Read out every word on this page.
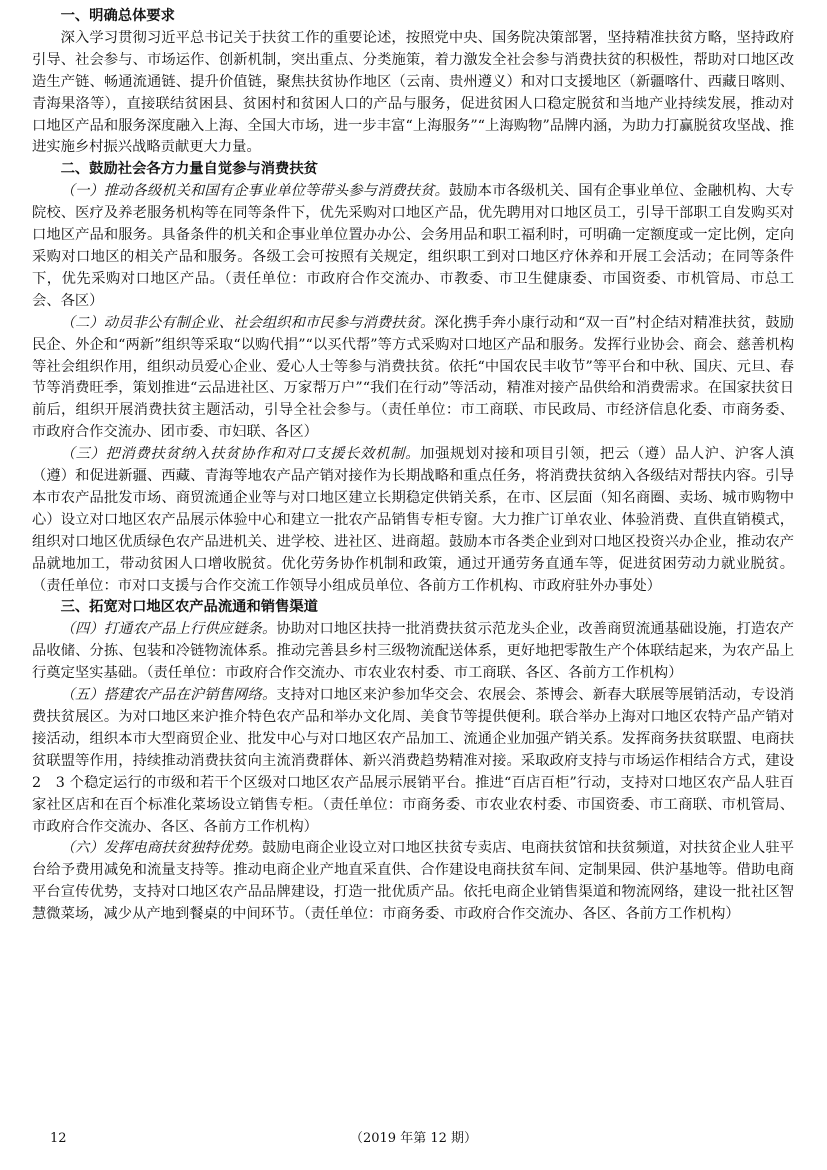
一、明确总体要求

深入学习贯彻习近平总书记关于扶贫工作的重要论述，按照党中央、国务院决策部署，坚持精准扶贫方略，坚持政府引导、社会参与、市场运作、创新机制，突出重点、分类施策，着力激发全社会参与消费扶贫的积极性，帮助对口地区改造生产链、畅通流通链、提升价值链，聚焦扶贫协作地区（云南、贵州遵义）和对口支援地区（新疆喀什、西藏日喀则、青海果洛等），直接联结贫困县、贫困村和贫困人口的产品与服务，促进贫困人口稳定脱贫和当地产业持续发展，推动对口地区产品和服务深度融入上海、全国大市场，进一步丰富“上海服务”“上海购物”品牌内涵，为助力打赢脱贫攻坚战、推进实施乡村振兴战略贡献更大力量。

二、鼓励社会各方力量自觉参与消费扶贫

（一）推动各级机关和国有企事业单位等带头参与消费扶贫。鼓励本市各级机关、国有企事业单位、金融机构、大专院校、医疗及养老服务机构等在同等条件下，优先采购对口地区产品，优先聘用对口地区员工，引导干部职工自发购买对口地区产品和服务。具备条件的机关和企事业单位置办办公、会务用品和职工福利时，可明确一定额度或一定比例，定向采购对口地区的相关产品和服务。各级工会可按照有关规定，组织职工到对口地区疗休养和开展工会活动；在同等条件下，优先采购对口地区产品。（责任单位：市政府合作交流办、市教委、市卫生健康委、市国资委、市机管局、市总工会、各区）

（二）动员非公有制企业、社会组织和市民参与消费扶贫。深化携手奔小康行动和“双一百”村企结对精准扶贫，鼓励民企、外企和“两新”组织等采取“以购代捐”“以买代帮”等方式采购对口地区产品和服务。发挥行业协会、商会、慈善机构等社会组织作用，组织动员爱心企业、爱心人士等参与消费扶贫。依托“中国农民丰收节”等平台和中秋、国庆、元旦、春节等消费旺季，策划推进“云品进社区、万家帮万户”“我们在行动”等活动，精准对接产品供给和消费需求。在国家扶贫日前后，组织开展消费扶贫主题活动，引导全社会参与。（责任单位：市工商联、市民政局、市经济信息化委、市商务委、市政府合作交流办、团市委、市妇联、各区）

（三）把消费扶贫纳入扶贫协作和对口支援长效机制。加强规划对接和项目引领，把云（遵）品人沪、沪客人滇（遵）和促进新疆、西藏、青海等地农产品产销对接作为长期战略和重点任务，将消费扶贫纳入各级结对帮扶内容。引导本市农产品批发市场、商贸流通企业等与对口地区建立长期稳定供销关系，在市、区层面（知名商圈、卖场、城市购物中心）设立对口地区农产品展示体验中心和建立一批农产品销售专柜专窗。大力推广订单农业、体验消费、直供直销模式，组织对口地区优质绿色农产品进机关、进学校、进社区、进商超。鼓励本市各类企业到对口地区投资兴办企业，推动农产品就地加工，带动贫困人口增收脱贫。优化劳务协作机制和政策，通过开通劳务直通车等，促进贫困劳动力就业脱贫。（责任单位：市对口支援与合作交流工作领导小组成员单位、各前方工作机构、市政府驻外办事处）

三、拓宽对口地区农产品流通和销售渠道

（四）打通农产品上行供应链条。协助对口地区扶持一批消费扶贫示范龙头企业，改善商贸流通基础设施，打造农产品收储、分拣、包装和冷链物流体系。推动完善县乡村三级物流配送体系，更好地把零散生产个体联结起来，为农产品上行奠定坚实基础。（责任单位：市政府合作交流办、市农业农村委、市工商联、各区、各前方工作机构）

（五）搭建农产品在沪销售网络。支持对口地区来沪参加华交会、农展会、茶博会、新春大联展等展销活动，专设消费扶贫展区。为对口地区来沪推介特色农产品和举办文化周、美食节等提供便利。联合举办上海对口地区农特产品产销对接活动，组织本市大型商贸企业、批发中心与对口地区农产品加工、流通企业加强产销关系。发挥商务扶贫联盟、电商扶贫联盟等作用，持续推动消费扶贫向主流消费群体、新兴消费趋势精准对接。采取政府支持与市场运作相结合方式，建设 2　3 个稳定运行的市级和若干个区级对口地区农产品展示展销平台。推进“百店百柜”行动，支持对口地区农产品人驻百家社区店和在百个标准化菜场设立销售专柜。（责任单位：市商务委、市农业农村委、市国资委、市工商联、市机管局、市政府合作交流办、各区、各前方工作机构）

（六）发挥电商扶贫独特优势。鼓励电商企业设立对口地区扶贫专卖店、电商扶贫馆和扶贫频道，对扶贫企业人驻平台给予费用减免和流量支持等。推动电商企业产地直采直供、合作建设电商扶贫车间、定制果园、供沪基地等。借助电商平台宣传优势，支持对口地区农产品品牌建设，打造一批优质产品。依托电商企业销售渠道和物流网络，建设一批社区智慧微菜场，减少从产地到餐桌的中间环节。（责任单位：市商务委、市政府合作交流办、各区、各前方工作机构）

12	（2019 年第 12 期）
